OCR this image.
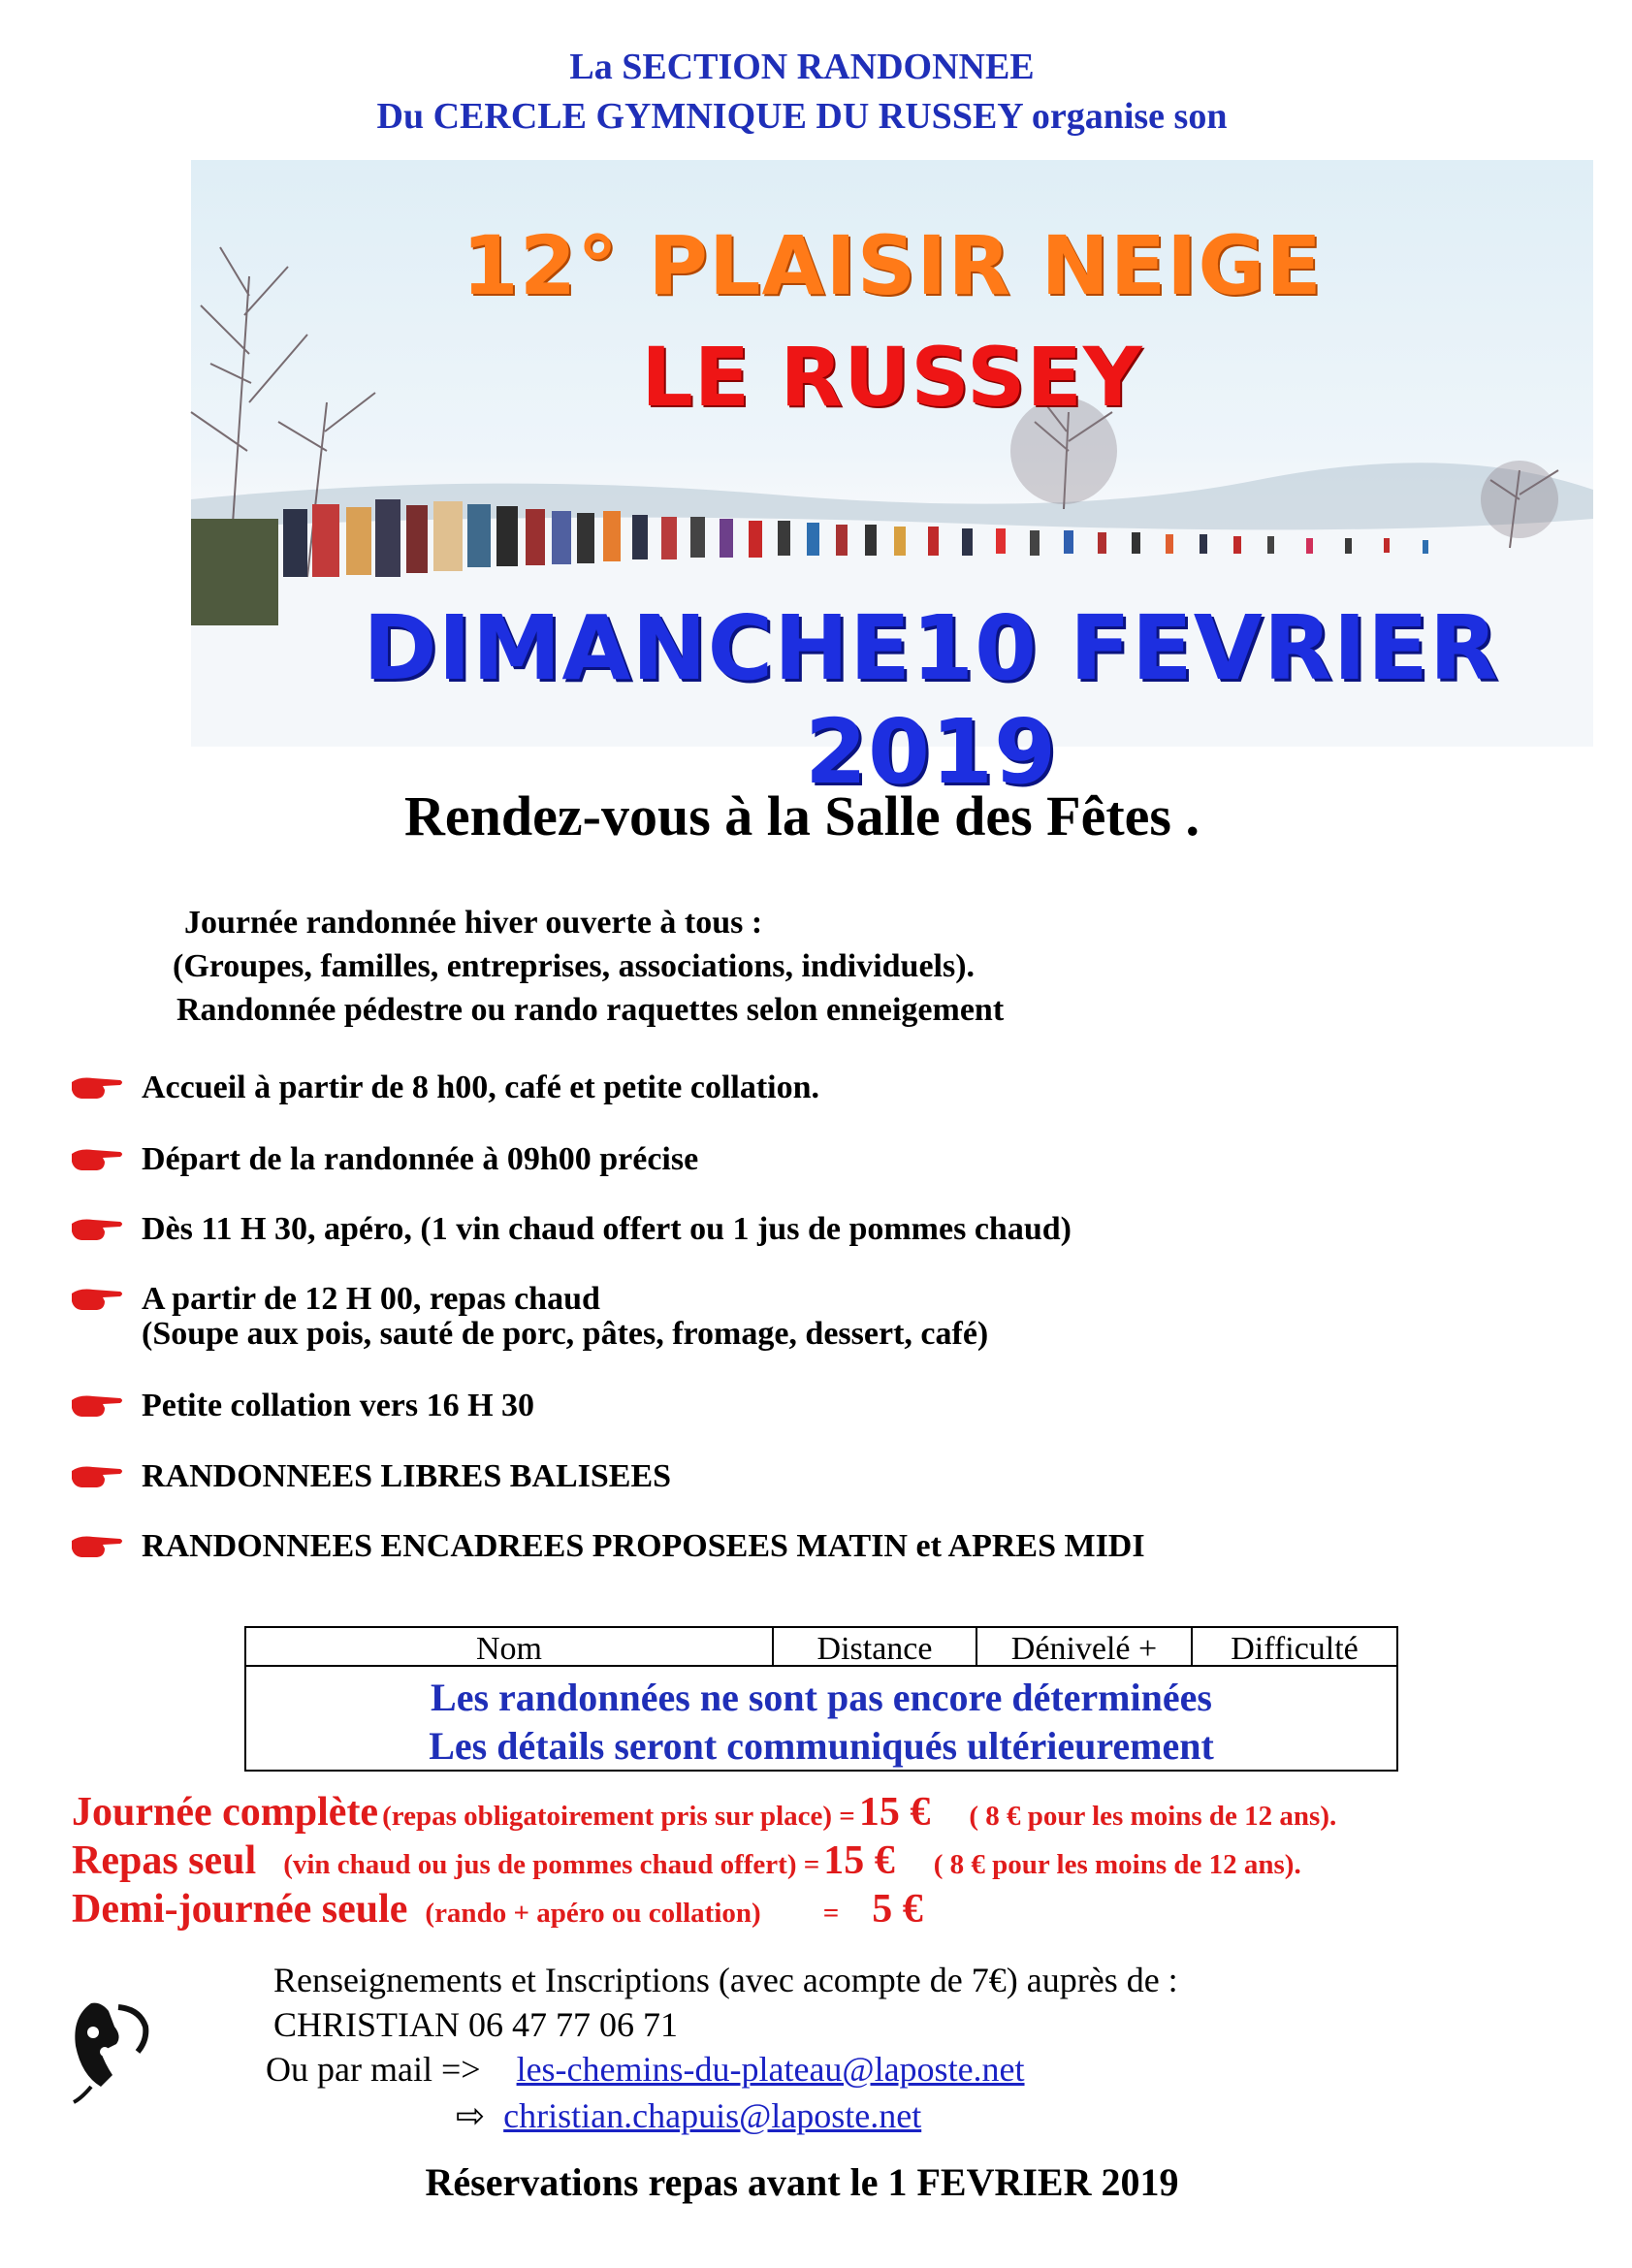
La SECTION RANDONNEE
Du CERCLE GYMNIQUE DU RUSSEY organise son
12° PLAISIR NEIGE
LE RUSSEY
DIMANCHE10 FEVRIER 2019
Rendez-vous à la Salle des Fêtes .
Journée randonnée hiver ouverte à tous :
(Groupes, familles, entreprises, associations, individuels).
Randonnée pédestre ou rando raquettes selon enneigement
Accueil à partir de 8 h00, café et petite collation.
Départ de la randonnée à 09h00 précise
Dès 11 H 30, apéro, (1 vin chaud offert ou 1 jus de pommes chaud)
A partir de 12 H 00, repas chaud
(Soupe aux pois, sauté de porc, pâtes, fromage, dessert, café)
Petite collation vers 16 H 30
RANDONNEES LIBRES BALISEES
RANDONNEES ENCADREES PROPOSEES MATIN et APRES MIDI
Nom	Distance	Dénivelé +	Difficulté
Les randonnées ne sont pas encore déterminées
Les détails seront communiqués ultérieurement
Journée complète (repas obligatoirement pris sur place) = 15 € ( 8 € pour les moins de 12 ans).
Repas seul (vin chaud ou jus de pommes chaud offert) = 15 € ( 8 € pour les moins de 12 ans).
Demi-journée seule (rando + apéro ou collation) = 5 €
Renseignements et Inscriptions (avec acompte de 7€) auprès de :
CHRISTIAN 06 47 77 06 71
Ou par mail => les-chemins-du-plateau@laposte.net
⇨ christian.chapuis@laposte.net
Réservations repas avant le 1 FEVRIER 2019
